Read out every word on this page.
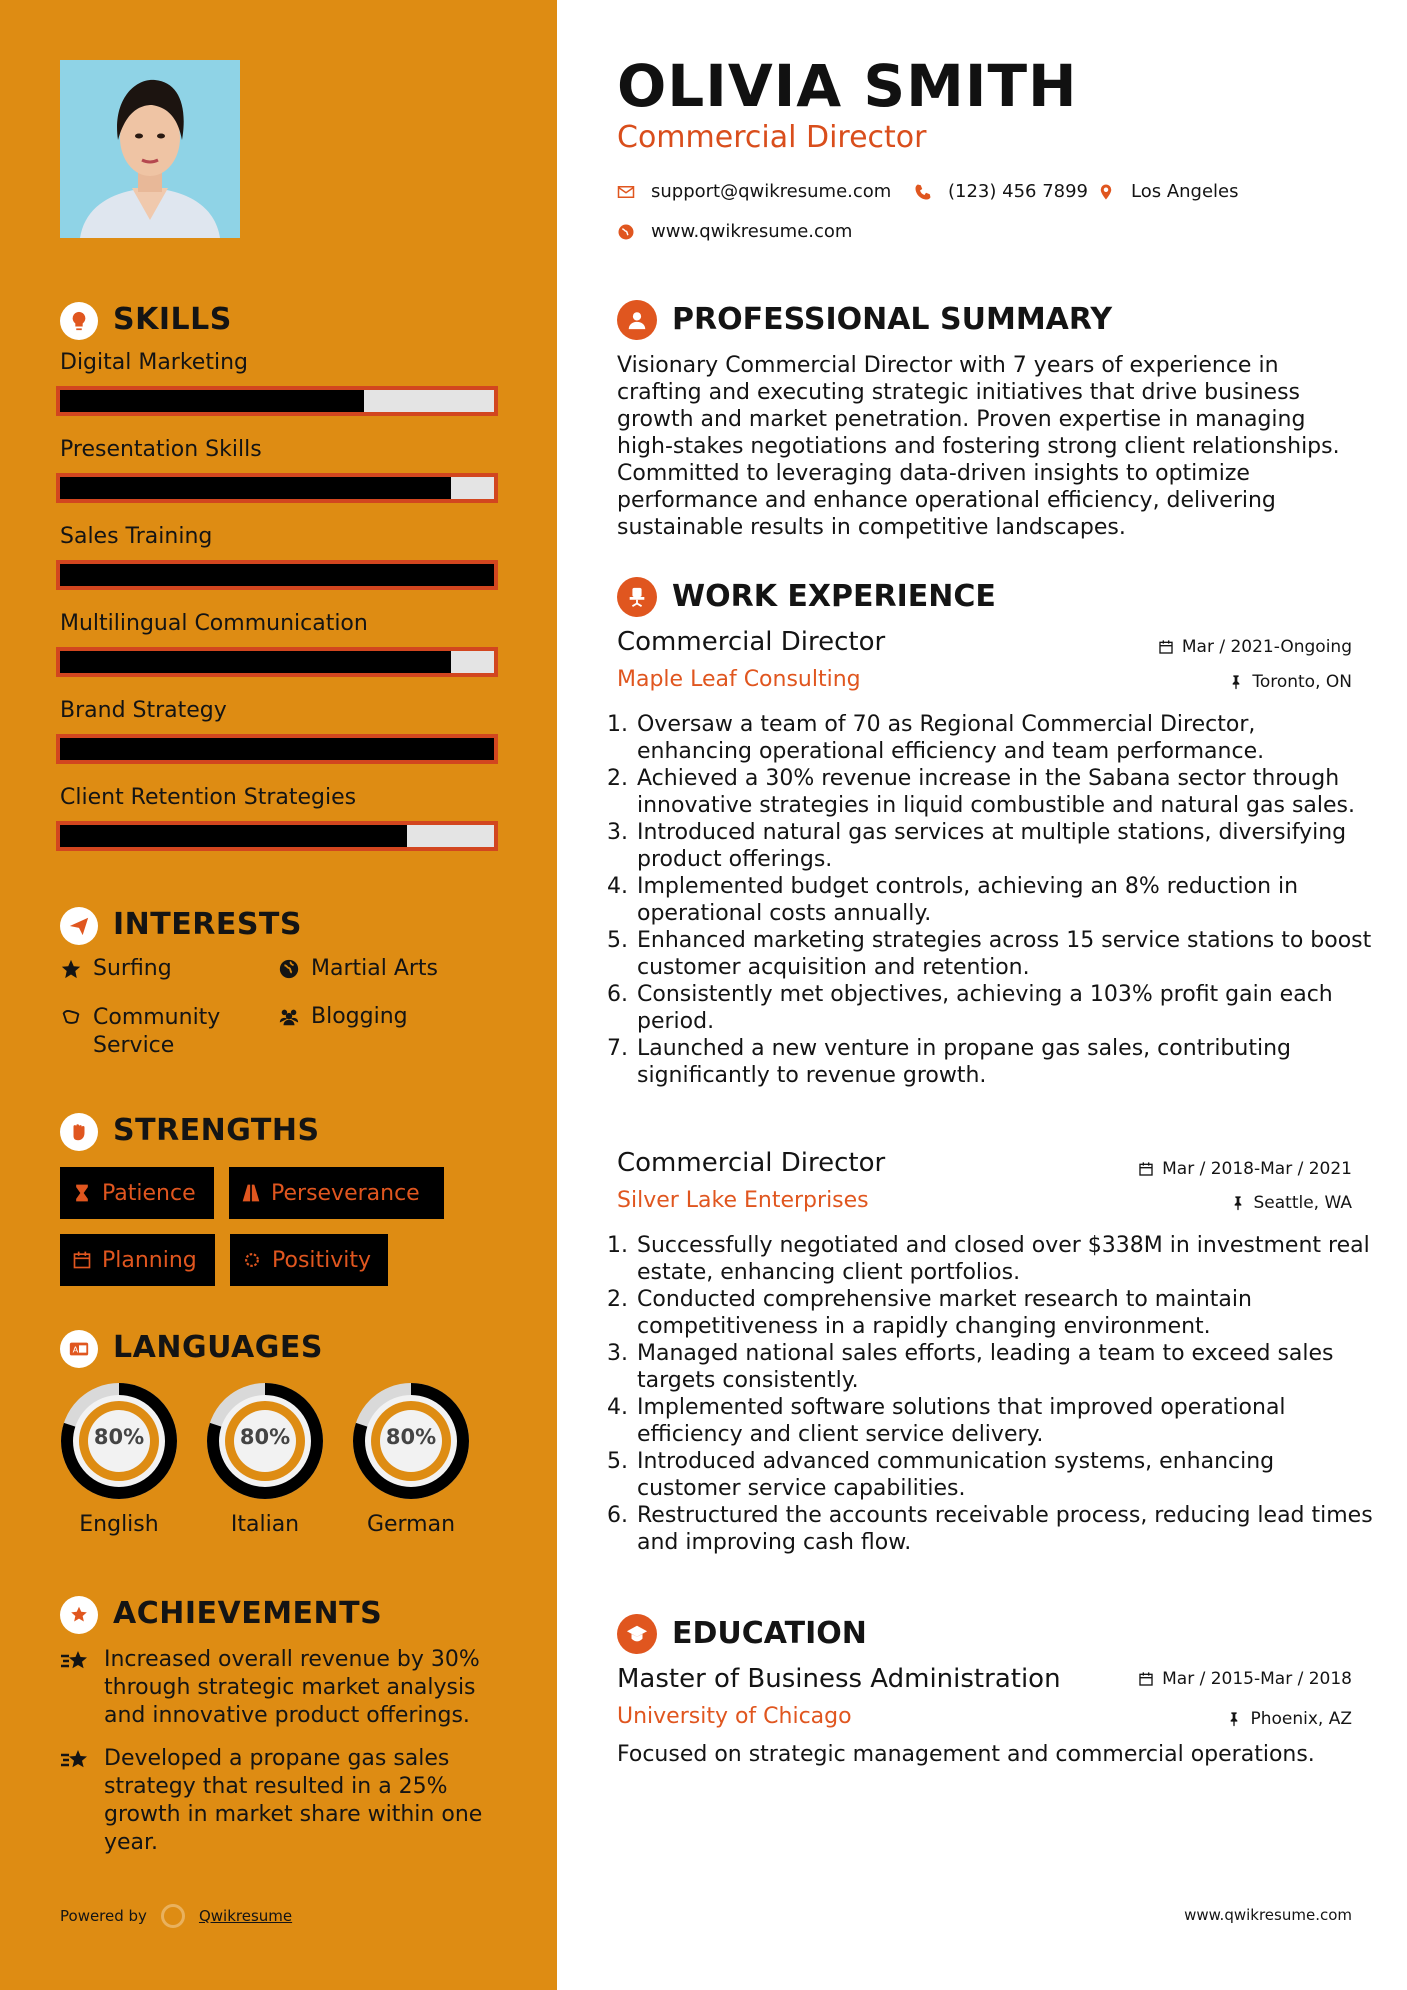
SKILLS
Digital Marketing
Presentation Skills
Sales Training
Multilingual Communication
Brand Strategy
Client Retention Strategies
INTERESTS
Surfing	Martial Arts
Community Service
Blogging
STRENGTHS
Patience	Perseverance
Planning	Positivity
A LANGUAGES
80%
English
80%
Italian
80%
German
ACHIEVEMENTS
Increased overall revenue by 30% through strategic market analysis and innovative product offerings.
Developed a propane gas sales strategy that resulted in a 25% growth in market share within one year.
Powered by	Qwikresume
OLIVIA SMITH
Commercial Director
support@qwikresume.com	(123) 456 7899 Los Angeles
www.qwikresume.com
PROFESSIONAL SUMMARY
Visionary Commercial Director with 7 years of experience in crafting and executing strategic initiatives that drive business growth and market penetration. Proven expertise in managing high-stakes negotiations and fostering strong client relationships. Committed to leveraging data-driven insights to optimize performance and enhance operational efficiency, delivering sustainable results in competitive landscapes.
WORK EXPERIENCE
Commercial Director
Maple Leaf Consulting
Mar / 2021-Ongoing
Toronto, ON
1. Oversaw a team of 70 as Regional Commercial Director, enhancing operational efficiency and team performance.
2. Achieved a 30% revenue increase in the Sabana sector through innovative strategies in liquid combustible and natural gas sales.
3. Introduced natural gas services at multiple stations, diversifying product offerings.
4. Implemented budget controls, achieving an 8% reduction in operational costs annually.
5. Enhanced marketing strategies across 15 service stations to boost customer acquisition and retention.
6. Consistently met objectives, achieving a 103% profit gain each period.
7. Launched a new venture in propane gas sales, contributing significantly to revenue growth.
Commercial Director
Silver Lake Enterprises
Mar / 2018-Mar / 2021
Seattle, WA
1. Successfully negotiated and closed over $338M in investment real estate, enhancing client portfolios.
2. Conducted comprehensive market research to maintain competitiveness in a rapidly changing environment.
3. Managed national sales efforts, leading a team to exceed sales targets consistently.
4. Implemented software solutions that improved operational efficiency and client service delivery.
5. Introduced advanced communication systems, enhancing customer service capabilities.
6. Restructured the accounts receivable process, reducing lead times and improving cash flow.
EDUCATION
Master of Business Administration
University of Chicago
Mar / 2015-Mar / 2018
Phoenix, AZ
Focused on strategic management and commercial operations.
www.qwikresume.com
